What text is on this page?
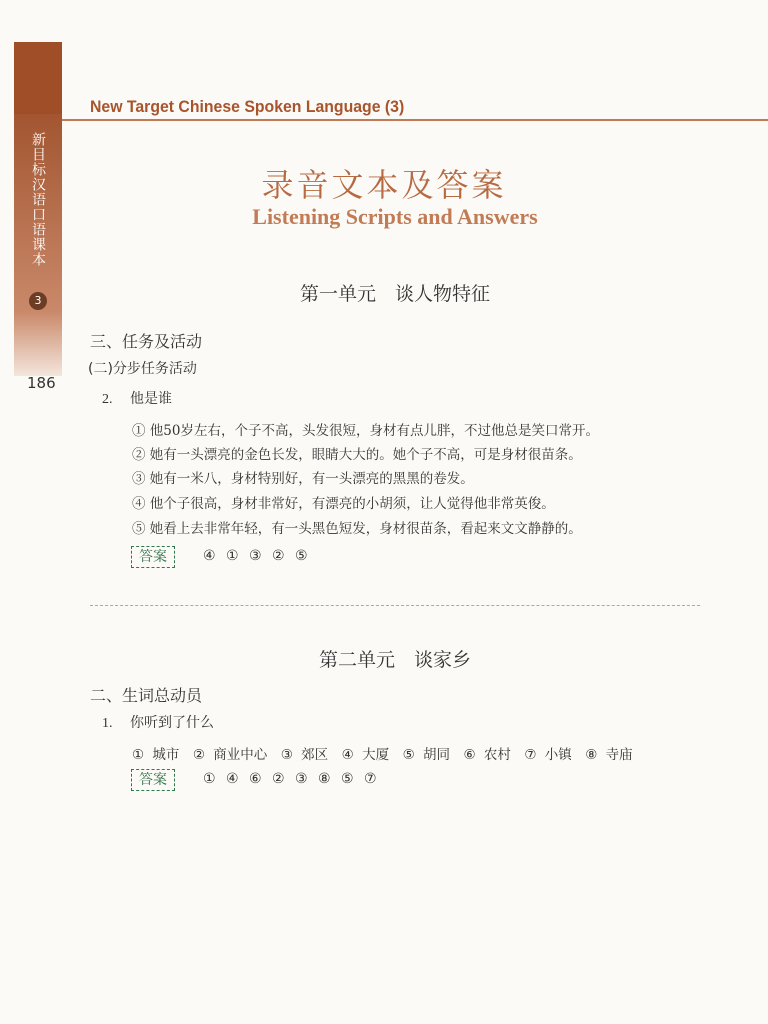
新目标汉语口语课本
3
186
New Target Chinese Spoken Language (3)
录音文本及答案
Listening Scripts and Answers
第一单元　谈人物特征
三、任务及活动
(二)分步任务活动
2. 他是谁
① 他50岁左右，个子不高，头发很短，身材有点儿胖，不过他总是笑口常开。
② 她有一头漂亮的金色长发，眼睛大大的。她个子不高，可是身材很苗条。
③ 她有一米八，身材特别好，有一头漂亮的黑黑的卷发。
④ 他个子很高，身材非常好，有漂亮的小胡须，让人觉得他非常英俊。
⑤ 她看上去非常年轻，有一头黑色短发，身材很苗条，看起来文文静静的。
答案	④ ① ③ ② ⑤
第二单元　谈家乡
二、生词总动员
1. 你听到了什么
① 城市　② 商业中心　③ 郊区　④ 大厦　⑤ 胡同　⑥ 农村　⑦ 小镇　⑧ 寺庙
答案	① ④ ⑥ ② ③ ⑧ ⑤ ⑦
